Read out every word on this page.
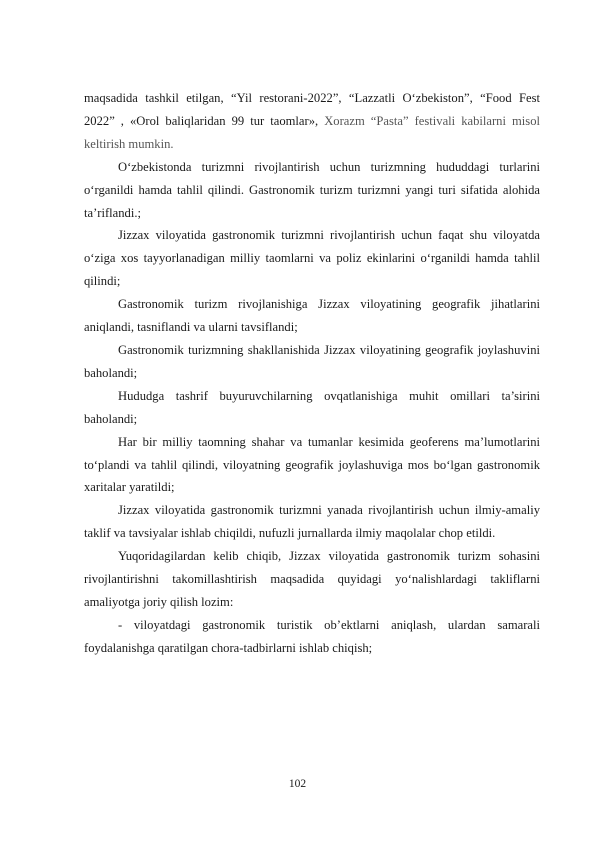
maqsadida tashkil etilgan, “Yil restorani-2022”, “Lazzatli O‘zbekiston”, “Food Fest 2022” , «Orol baliqlaridan 99 tur taomlar», Xorazm “Pasta” festivali kabilarni misol keltirish mumkin.

O‘zbekistonda turizmni rivojlantirish uchun turizmning hududdagi turlarini o‘rganildi hamda tahlil qilindi. Gastronomik turizm turizmni yangi turi sifatida alohida ta’riflandi.;

Jizzax viloyatida gastronomik turizmni rivojlantirish uchun faqat shu viloyatda o‘ziga xos tayyorlanadigan milliy taomlarni va poliz ekinlarini o‘rganildi hamda tahlil qilindi;

Gastronomik turizm rivojlanishiga Jizzax viloyatining geografik jihatlarini aniqlandi, tasniflandi va ularni tavsiflandi;

Gastronomik turizmning shakllanishida Jizzax viloyatining geografik joylashuvini baholandi;

Hududga tashrif buyuruvchilarning ovqatlanishiga muhit omillari ta’sirini baholandi;

Har bir milliy taomning shahar va tumanlar kesimida geoferens ma’lumotlarini to‘plandi va tahlil qilindi, viloyatning geografik joylashuviga mos bo‘lgan gastronomik xaritalar yaratildi;

Jizzax viloyatida gastronomik turizmni yanada rivojlantirish uchun ilmiy-amaliy taklif va tavsiyalar ishlab chiqildi, nufuzli jurnallarda ilmiy maqolalar chop etildi.

Yuqoridagilardan kelib chiqib, Jizzax viloyatida gastronomik turizm sohasini rivojlantirishni takomillashtirish maqsadida quyidagi yo‘nalishlardagi takliflarni amaliyotga joriy qilish lozim:

- viloyatdagi gastronomik turistik ob’ektlarni aniqlash, ulardan samarali foydalanishga qaratilgan chora-tadbirlarni ishlab chiqish;

102
